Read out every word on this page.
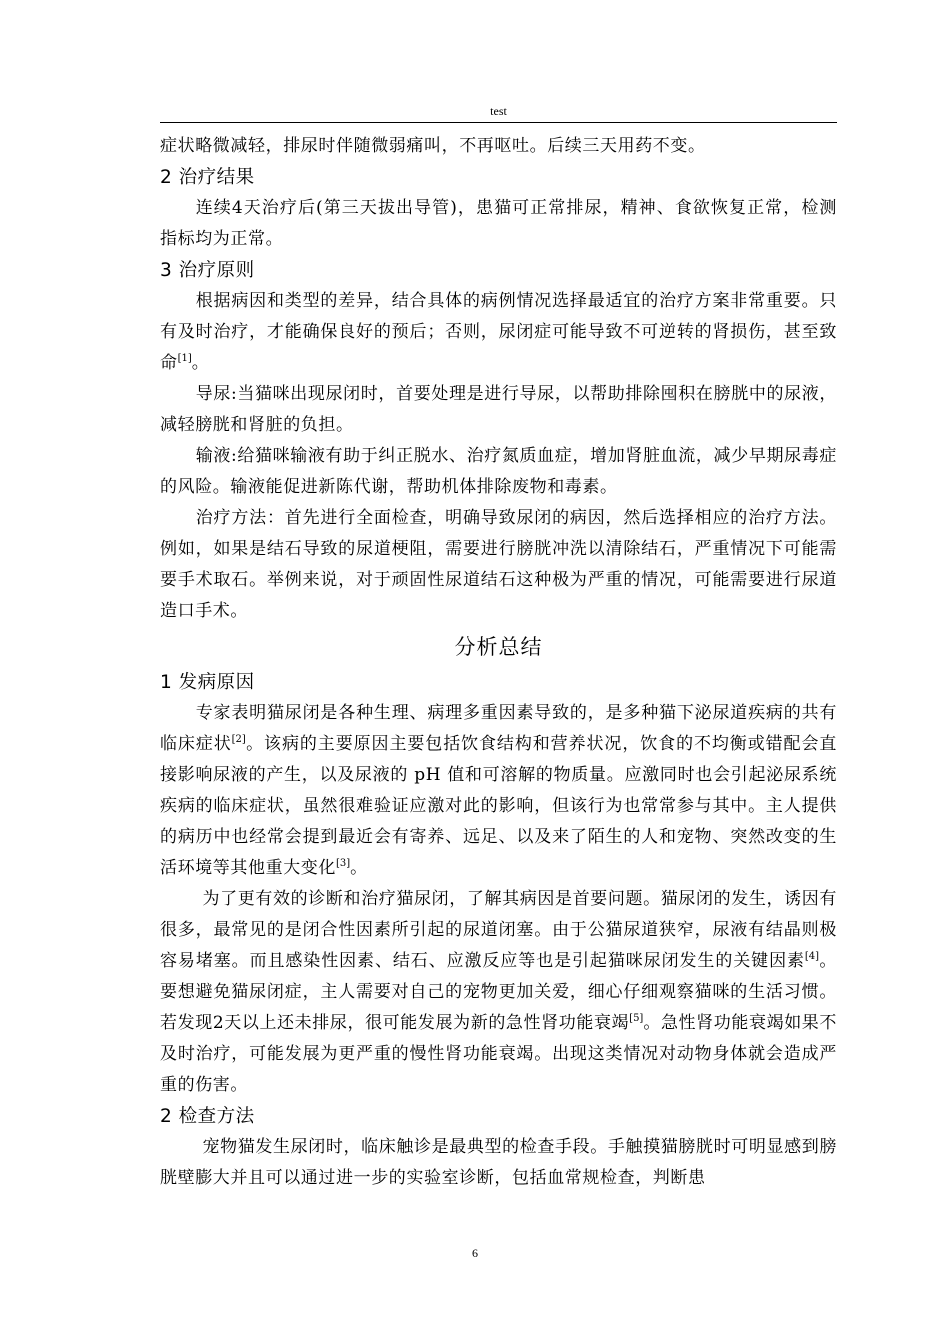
test

症状略微减轻，排尿时伴随微弱痛叫，不再呕吐。后续三天用药不变。

2 治疗结果

连续4天治疗后(第三天拔出导管)，患猫可正常排尿，精神、食欲恢复正常，检测指标均为正常。

3 治疗原则

根据病因和类型的差异，结合具体的病例情况选择最适宜的治疗方案非常重要。只有及时治疗，才能确保良好的预后；否则，尿闭症可能导致不可逆转的肾损伤，甚至致命[1]。

导尿:当猫咪出现尿闭时，首要处理是进行导尿，以帮助排除囤积在膀胱中的尿液，减轻膀胱和肾脏的负担。

输液:给猫咪输液有助于纠正脱水、治疗氮质血症，增加肾脏血流，减少早期尿毒症的风险。输液能促进新陈代谢，帮助机体排除废物和毒素。

治疗方法：首先进行全面检查，明确导致尿闭的病因，然后选择相应的治疗方法。例如，如果是结石导致的尿道梗阻，需要进行膀胱冲洗以清除结石，严重情况下可能需要手术取石。举例来说，对于顽固性尿道结石这种极为严重的情况，可能需要进行尿道造口手术。

分析总结
1 发病原因

专家表明猫尿闭是各种生理、病理多重因素导致的，是多种猫下泌尿道疾病的共有临床症状[2]。该病的主要原因主要包括饮食结构和营养状况，饮食的不均衡或错配会直接影响尿液的产生，以及尿液的 pH 值和可溶解的物质量。应激同时也会引起泌尿系统疾病的临床症状，虽然很难验证应激对此的影响，但该行为也常常参与其中。主人提供的病历中也经常会提到最近会有寄养、远足、以及来了陌生的人和宠物、突然改变的生活环境等其他重大变化[3]。

为了更有效的诊断和治疗猫尿闭，了解其病因是首要问题。猫尿闭的发生，诱因有很多，最常见的是闭合性因素所引起的尿道闭塞。由于公猫尿道狭窄，尿液有结晶则极容易堵塞。而且感染性因素、结石、应激反应等也是引起猫咪尿闭发生的关键因素[4]。要想避免猫尿闭症，主人需要对自己的宠物更加关爱，细心仔细观察猫咪的生活习惯。若发现2天以上还未排尿，很可能发展为新的急性肾功能衰竭[5]。急性肾功能衰竭如果不及时治疗，可能发展为更严重的慢性肾功能衰竭。出现这类情况对动物身体就会造成严重的伤害。

2 检查方法

宠物猫发生尿闭时，临床触诊是最典型的检查手段。手触摸猫膀胱时可明显感到膀胱壁膨大并且可以通过进一步的实验室诊断，包括血常规检查，判断患

6
